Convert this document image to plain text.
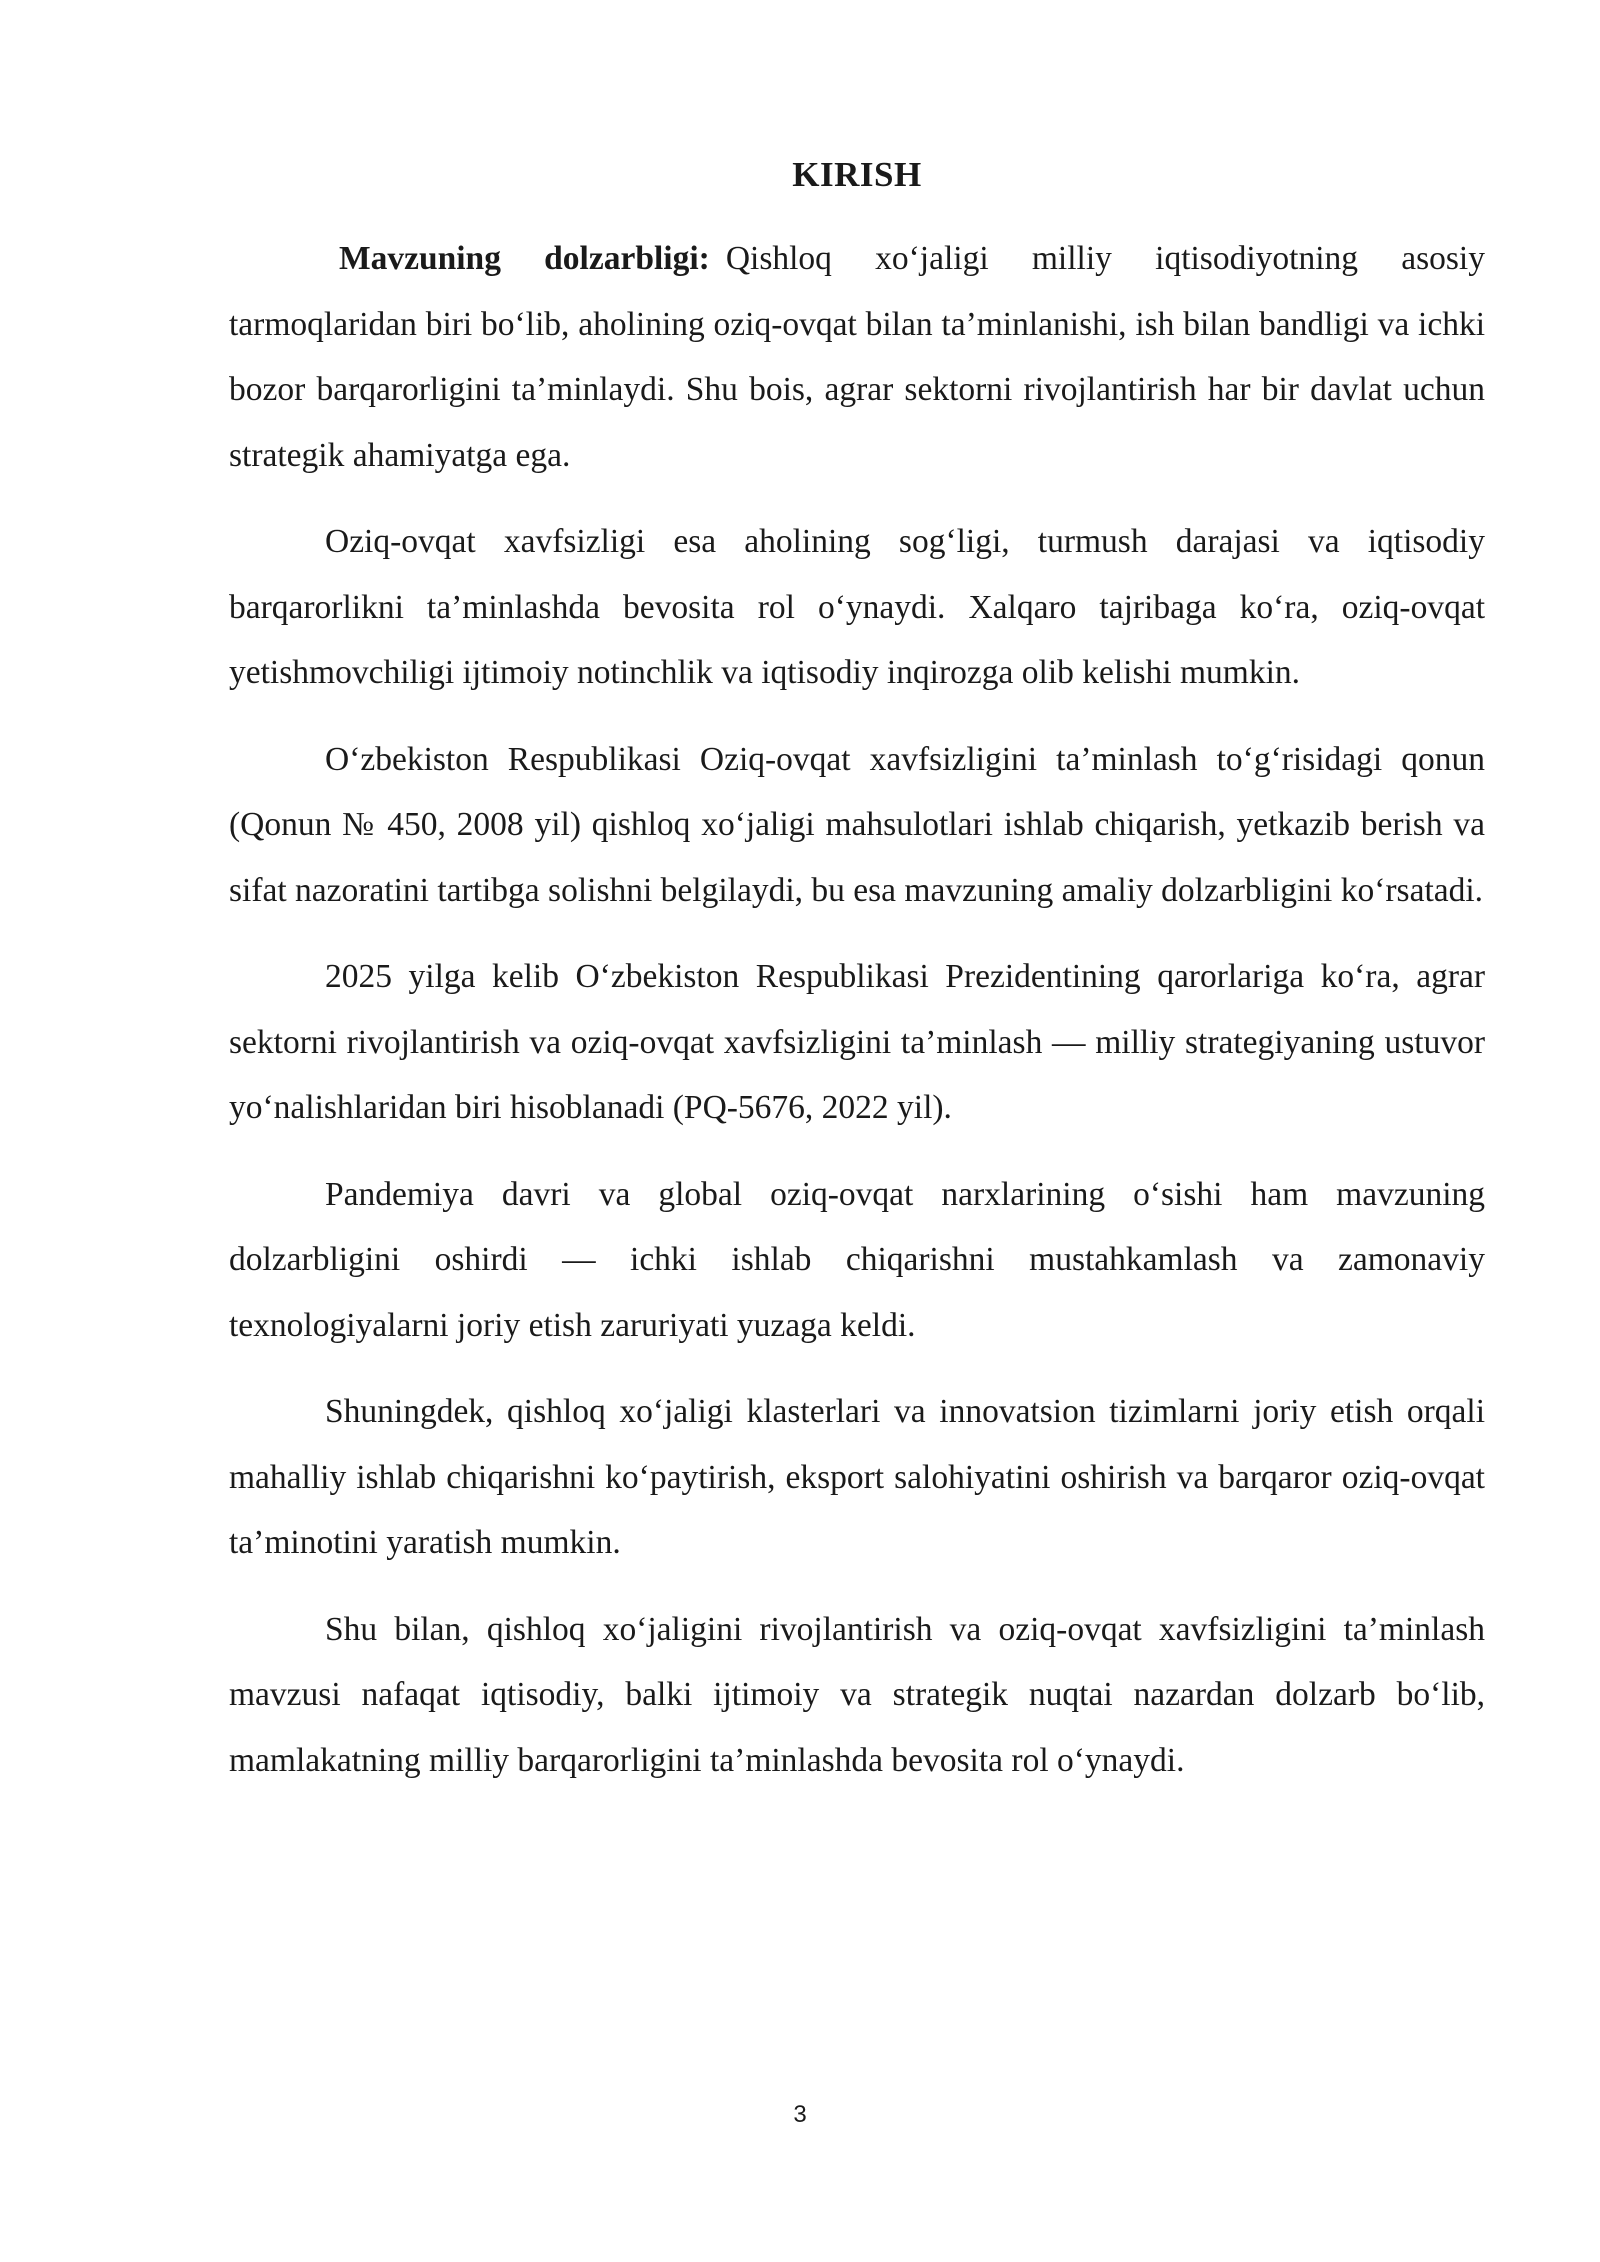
KIRISH

Mavzuning dolzarbligi: Qishloq xo‘jaligi milliy iqtisodiyotning asosiy tarmoqlaridan biri bo‘lib, aholining oziq-ovqat bilan ta’minlanishi, ish bilan bandligi va ichki bozor barqarorligini ta’minlaydi. Shu bois, agrar sektorni rivojlantirish har bir davlat uchun strategik ahamiyatga ega.

Oziq-ovqat xavfsizligi esa aholining sog‘ligi, turmush darajasi va iqtisodiy barqarorlikni ta’minlashda bevosita rol o‘ynaydi. Xalqaro tajribaga ko‘ra, oziq-ovqat yetishmovchiligi ijtimoiy notinchlik va iqtisodiy inqirozga olib kelishi mumkin.

O‘zbekiston Respublikasi Oziq-ovqat xavfsizligini ta’minlash to‘g‘risidagi qonun (Qonun № 450, 2008 yil) qishloq xo‘jaligi mahsulotlari ishlab chiqarish, yetkazib berish va sifat nazoratini tartibga solishni belgilaydi, bu esa mavzuning amaliy dolzarbligini ko‘rsatadi.

2025 yilga kelib O‘zbekiston Respublikasi Prezidentining qarorlariga ko‘ra, agrar sektorni rivojlantirish va oziq-ovqat xavfsizligini ta’minlash — milliy strategiyaning ustuvor yo‘nalishlaridan biri hisoblanadi (PQ-5676, 2022 yil).

Pandemiya davri va global oziq-ovqat narxlarining o‘sishi ham mavzuning dolzarbligini oshirdi — ichki ishlab chiqarishni mustahkamlash va zamonaviy texnologiyalarni joriy etish zaruriyati yuzaga keldi.

Shuningdek, qishloq xo‘jaligi klasterlari va innovatsion tizimlarni joriy etish orqali mahalliy ishlab chiqarishni ko‘paytirish, eksport salohiyatini oshirish va barqaror oziq-ovqat ta’minotini yaratish mumkin.

Shu bilan, qishloq xo‘jaligini rivojlantirish va oziq-ovqat xavfsizligini ta’minlash mavzusi nafaqat iqtisodiy, balki ijtimoiy va strategik nuqtai nazardan dolzarb bo‘lib, mamlakatning milliy barqarorligini ta’minlashda bevosita rol o‘ynaydi.

3
